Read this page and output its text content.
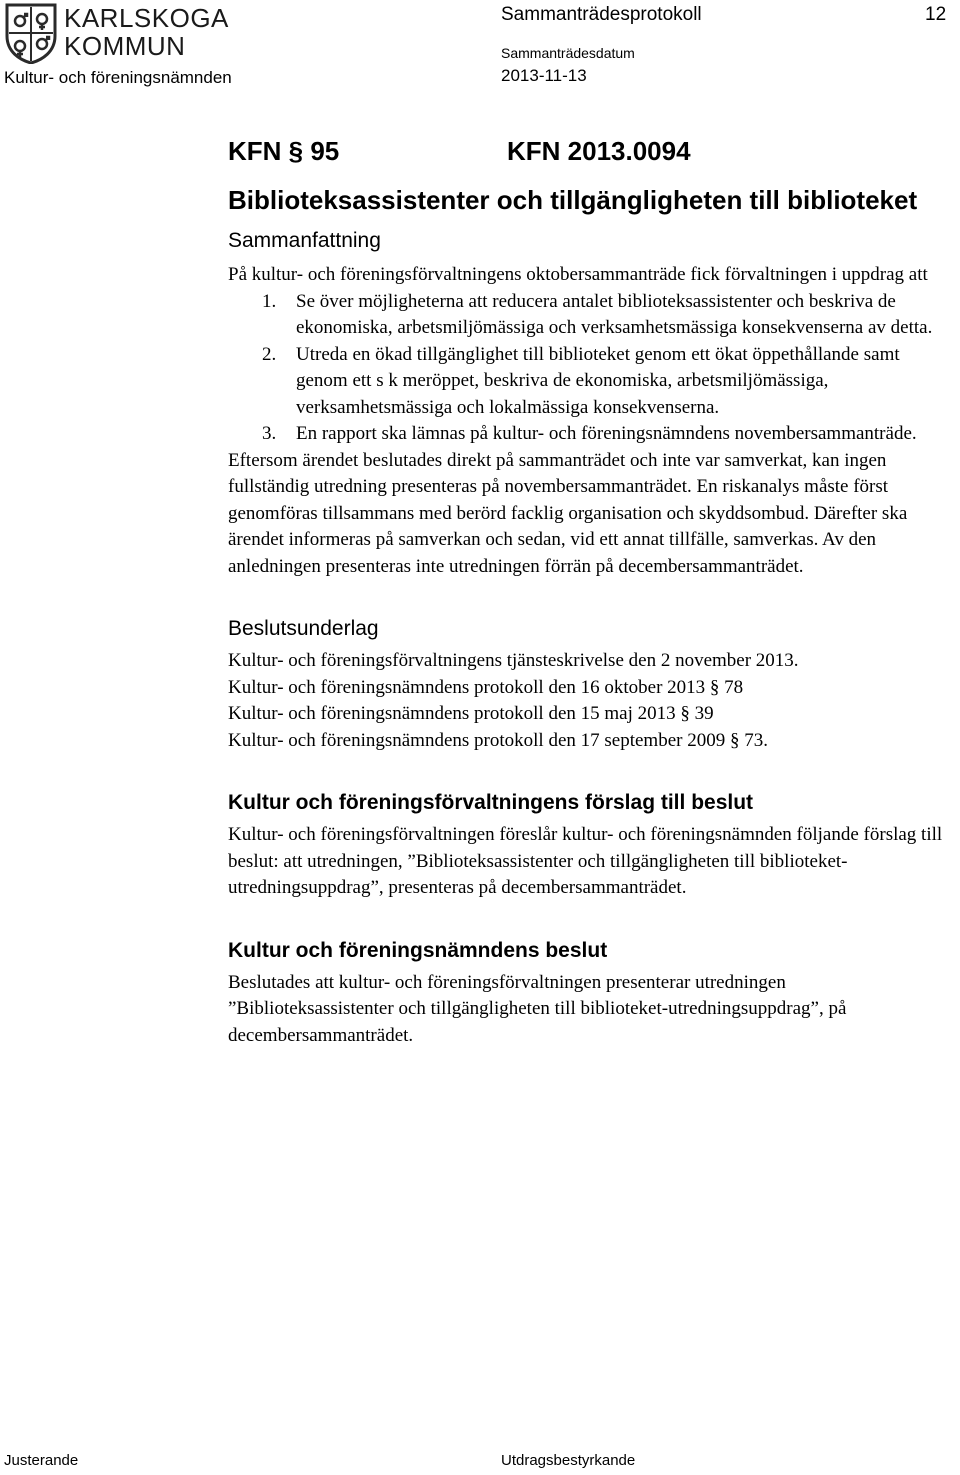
KARLSKOGA
KOMMUN
Kultur- och föreningsnämnden
Sammanträdesprotokoll	12
Sammanträdesdatum
2013-11-13
KFN § 95	KFN 2013.0094
Biblioteksassistenter och tillgängligheten till biblioteket
Sammanfattning

På kultur- och föreningsförvaltningens oktobersammanträde fick förvaltningen i uppdrag att

1. Se över möjligheterna att reducera antalet biblioteksassistenter och beskriva de ekonomiska, arbetsmiljömässiga och verksamhetsmässiga konsekvenserna av detta.
2. Utreda en ökad tillgänglighet till biblioteket genom ett ökat öppethållande samt genom ett s k meröppet, beskriva de ekonomiska, arbetsmiljömässiga, verksamhetsmässiga och lokalmässiga konsekvenserna.
3. En rapport ska lämnas på kultur- och föreningsnämndens novembersammanträde.

Eftersom ärendet beslutades direkt på sammanträdet och inte var samverkat, kan ingen fullständig utredning presenteras på novembersammanträdet. En riskanalys måste först genomföras tillsammans med berörd facklig organisation och skyddsombud. Därefter ska ärendet informeras på samverkan och sedan, vid ett annat tillfälle, samverkas. Av den anledningen presenteras inte utredningen förrän på decembersammanträdet.

Beslutsunderlag
Kultur- och föreningsförvaltningens tjänsteskrivelse den 2 november 2013.
Kultur- och föreningsnämndens protokoll den 16 oktober 2013 § 78
Kultur- och föreningsnämndens protokoll den 15 maj 2013 § 39
Kultur- och föreningsnämndens protokoll den 17 september 2009 § 73.
Kultur och föreningsförvaltningens förslag till beslut

Kultur- och föreningsförvaltningen föreslår kultur- och föreningsnämnden följande förslag till beslut: att utredningen, ”Biblioteksassistenter och tillgängligheten till biblioteket-utredningsuppdrag”, presenteras på decembersammanträdet.

Kultur och föreningsnämndens beslut

Beslutades att kultur- och föreningsförvaltningen presenterar utredningen ”Biblioteksassistenter och tillgängligheten till biblioteket-utredningsuppdrag”, på decembersammanträdet.

Justerande	Utdragsbestyrkande
